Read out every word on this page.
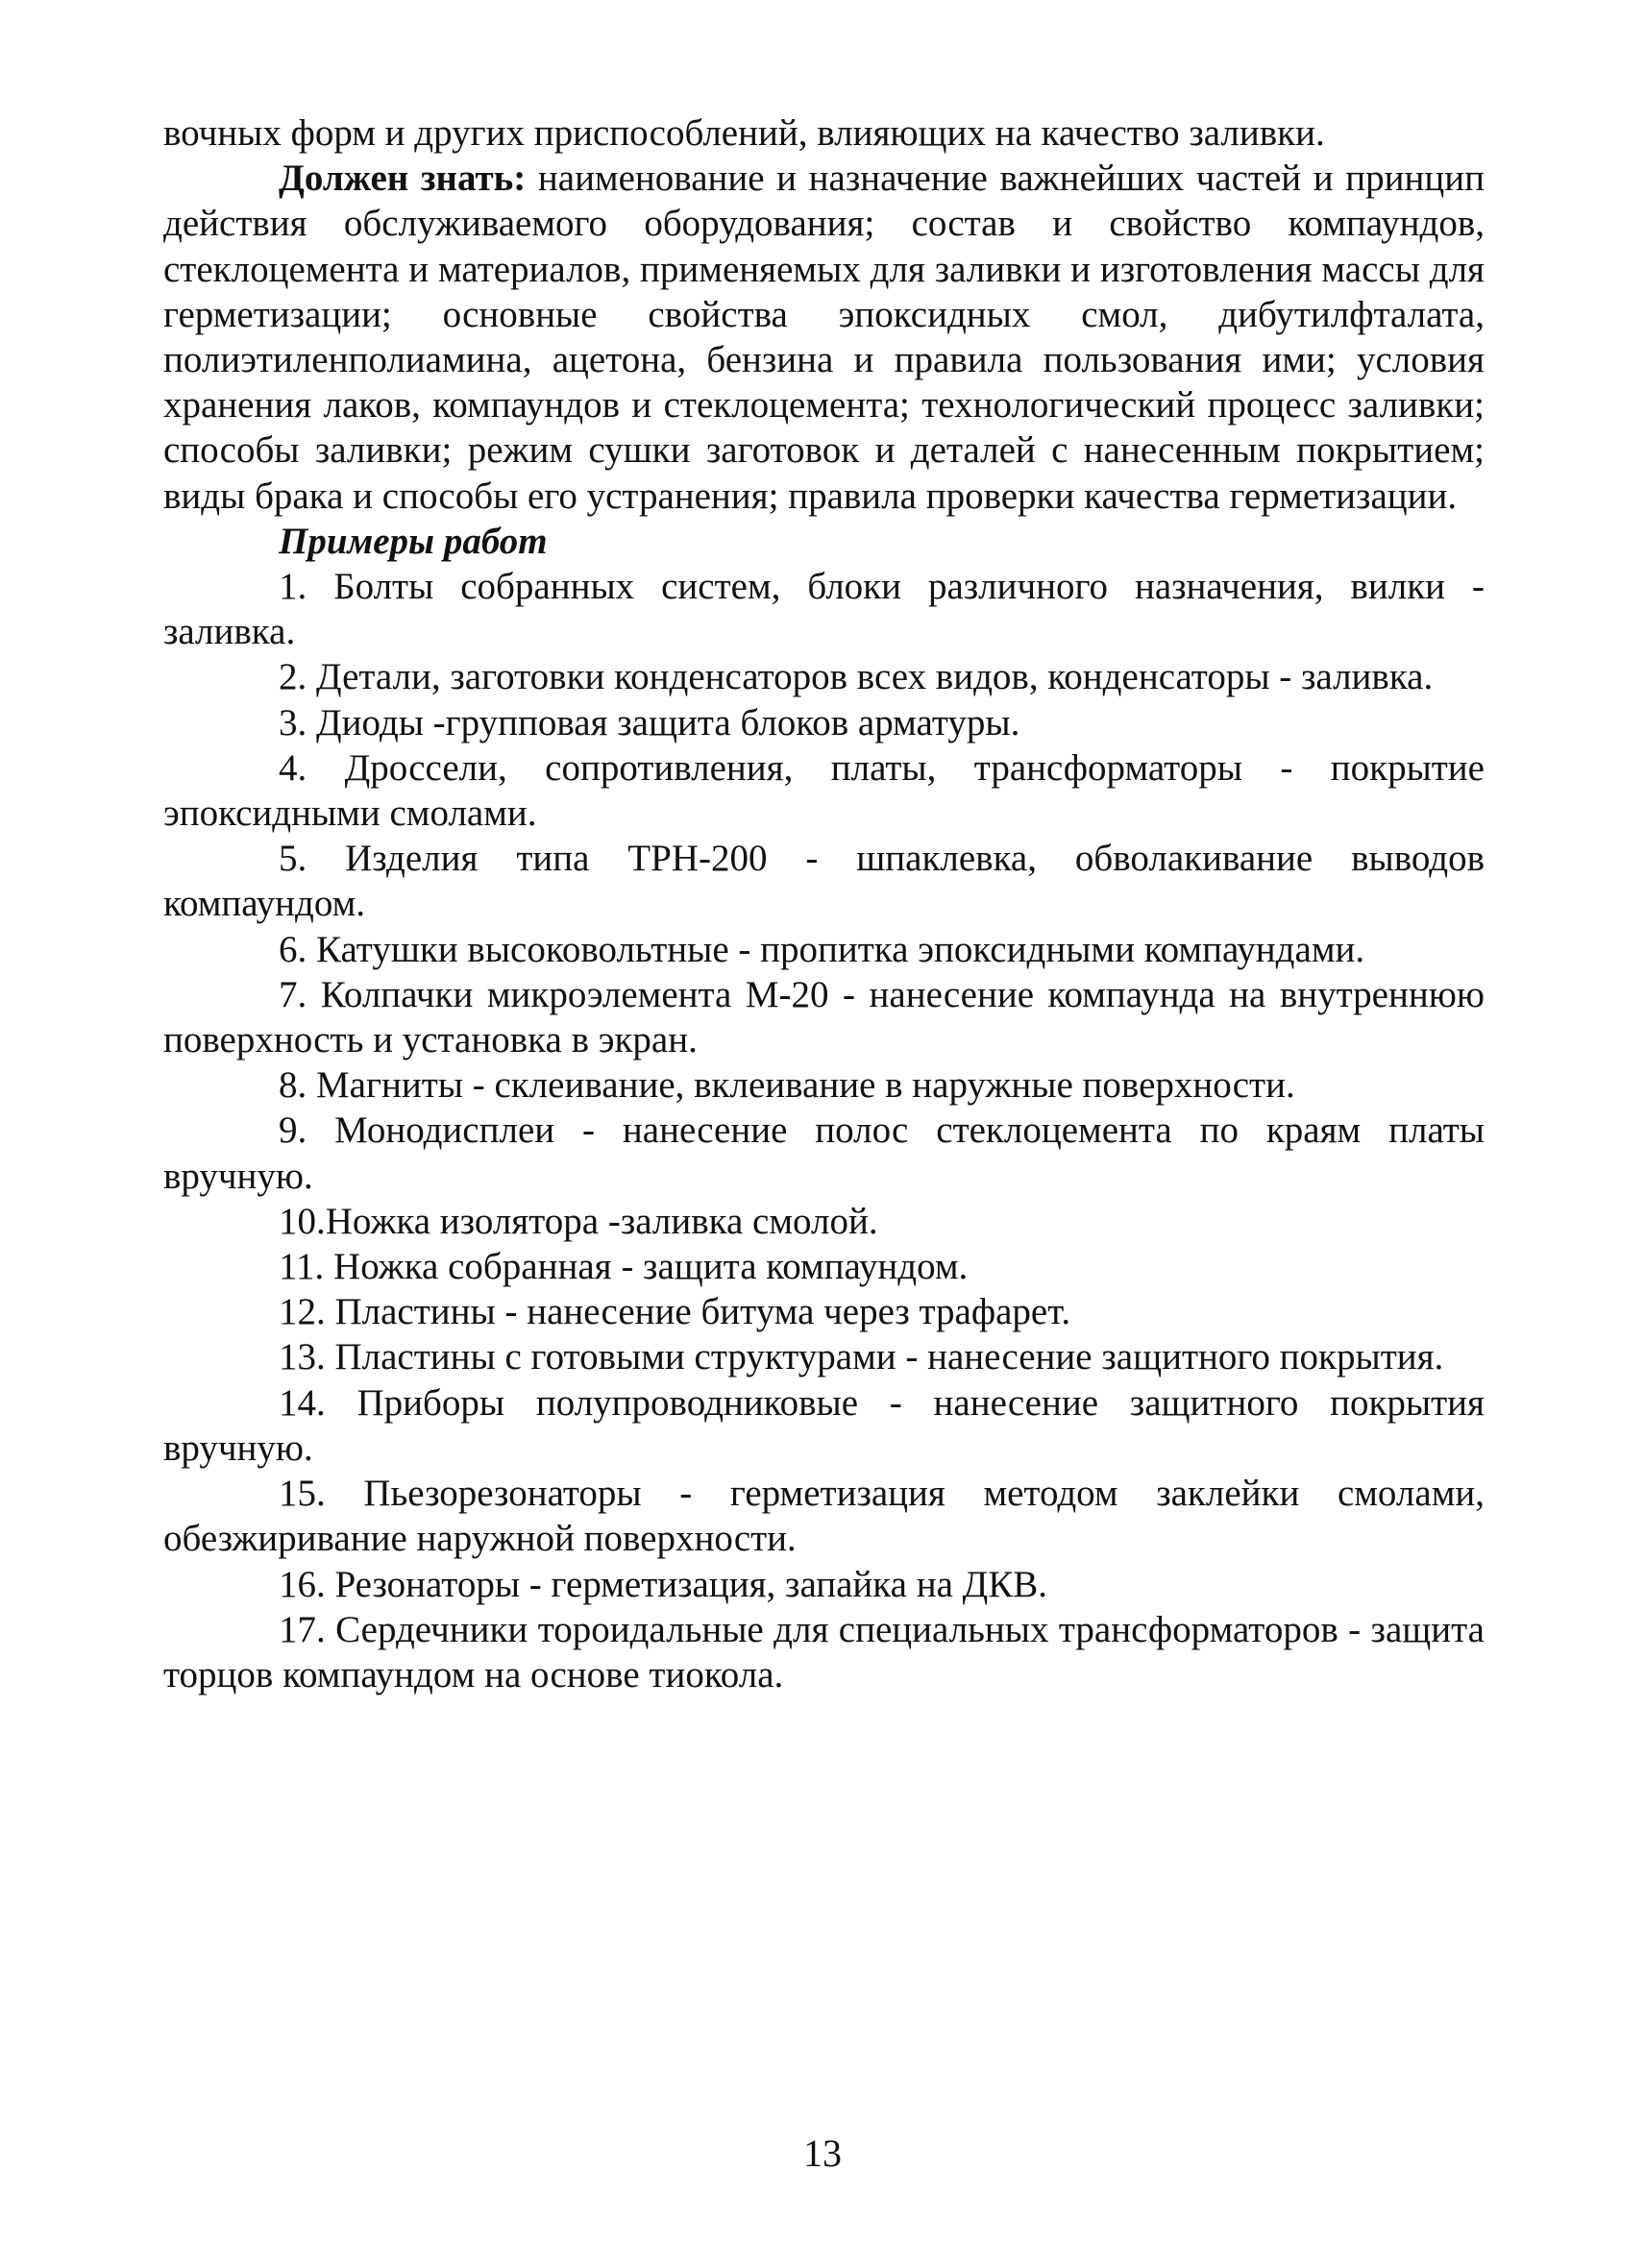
вочных форм и других приспособлений, влияющих на качество заливки.

Должен знать: наименование и назначение важнейших частей и принцип действия обслуживаемого оборудования; состав и свойство компаундов, стеклоцемента и материалов, применяемых для заливки и изготовления массы для герметизации; основные свойства эпоксидных смол, дибутилфталата, полиэтиленполиамина, ацетона, бензина и правила пользования ими; условия хранения лаков, компаундов и стеклоцемента; технологический процесс заливки; способы заливки; режим сушки заготовок и деталей с нанесенным покрытием; виды брака и способы его устранения; правила проверки качества герметизации.

Примеры работ

1. Болты собранных систем, блоки различного назначения, вилки - заливка.

2. Детали, заготовки конденсаторов всех видов, конденсаторы - заливка.

3. Диоды -групповая защита блоков арматуры.

4. Дроссели, сопротивления, платы, трансформаторы - покрытие эпоксидными смолами.

5. Изделия типа ТРН-200 - шпаклевка, обволакивание выводов компаундом.

6. Катушки высоковольтные - пропитка эпоксидными компаундами.

7. Колпачки микроэлемента М-20 - нанесение компаунда на внутреннюю поверхность и установка в экран.

8. Магниты - склеивание, вклеивание в наружные поверхности.

9. Монодисплеи - нанесение полос стеклоцемента по краям платы вручную.

10.Ножка изолятора -заливка смолой.

11. Ножка собранная - защита компаундом.

12. Пластины - нанесение битума через трафарет.

13. Пластины с готовыми структурами - нанесение защитного покрытия.

14. Приборы полупроводниковые - нанесение защитного покрытия вручную.

15. Пьезорезонаторы - герметизация методом заклейки смолами, обезжиривание наружной поверхности.

16. Резонаторы - герметизация, запайка на ДКВ.

17. Сердечники тороидальные для специальных трансформаторов - защита торцов компаундом на основе тиокола.

13
